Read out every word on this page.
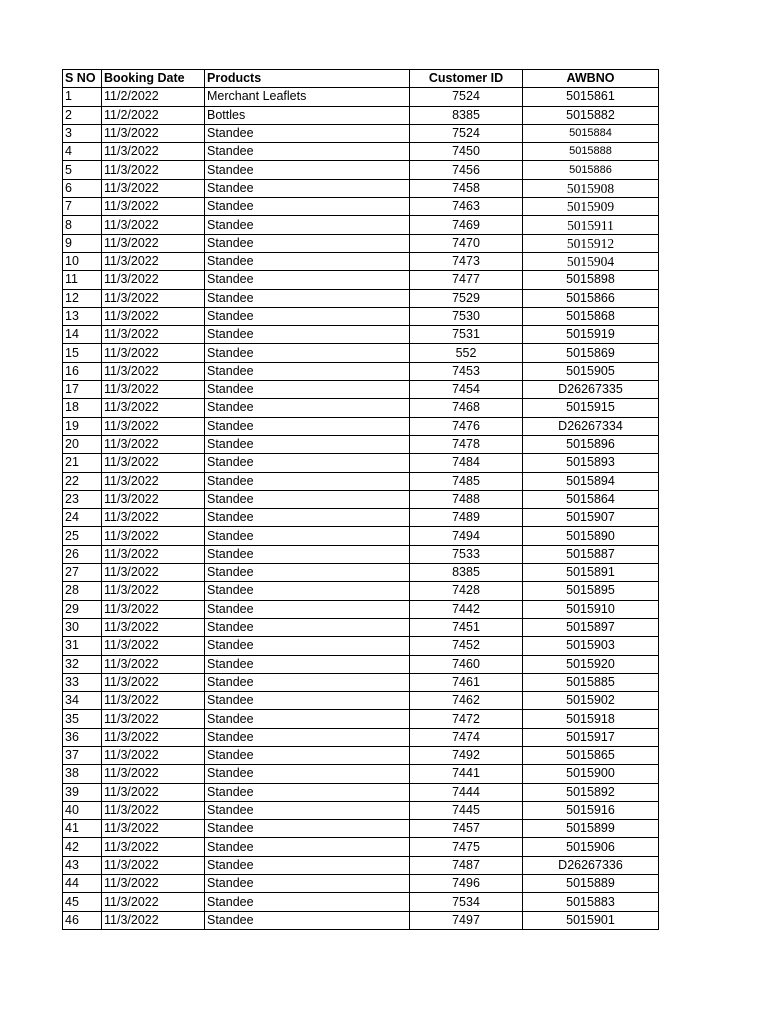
S NO	Booking Date	Products	Customer ID	AWBNO
1	11/2/2022	Merchant Leaflets	7524	5015861
2	11/2/2022	Bottles	8385	5015882
3	11/3/2022	Standee	7524	5015884
4	11/3/2022	Standee	7450	5015888
5	11/3/2022	Standee	7456	5015886
6	11/3/2022	Standee	7458	5015908
7	11/3/2022	Standee	7463	5015909
8	11/3/2022	Standee	7469	5015911
9	11/3/2022	Standee	7470	5015912
10	11/3/2022	Standee	7473	5015904
11	11/3/2022	Standee	7477	5015898
12	11/3/2022	Standee	7529	5015866
13	11/3/2022	Standee	7530	5015868
14	11/3/2022	Standee	7531	5015919
15	11/3/2022	Standee	552	5015869
16	11/3/2022	Standee	7453	5015905
17	11/3/2022	Standee	7454	D26267335
18	11/3/2022	Standee	7468	5015915
19	11/3/2022	Standee	7476	D26267334
20	11/3/2022	Standee	7478	5015896
21	11/3/2022	Standee	7484	5015893
22	11/3/2022	Standee	7485	5015894
23	11/3/2022	Standee	7488	5015864
24	11/3/2022	Standee	7489	5015907
25	11/3/2022	Standee	7494	5015890
26	11/3/2022	Standee	7533	5015887
27	11/3/2022	Standee	8385	5015891
28	11/3/2022	Standee	7428	5015895
29	11/3/2022	Standee	7442	5015910
30	11/3/2022	Standee	7451	5015897
31	11/3/2022	Standee	7452	5015903
32	11/3/2022	Standee	7460	5015920
33	11/3/2022	Standee	7461	5015885
34	11/3/2022	Standee	7462	5015902
35	11/3/2022	Standee	7472	5015918
36	11/3/2022	Standee	7474	5015917
37	11/3/2022	Standee	7492	5015865
38	11/3/2022	Standee	7441	5015900
39	11/3/2022	Standee	7444	5015892
40	11/3/2022	Standee	7445	5015916
41	11/3/2022	Standee	7457	5015899
42	11/3/2022	Standee	7475	5015906
43	11/3/2022	Standee	7487	D26267336
44	11/3/2022	Standee	7496	5015889
45	11/3/2022	Standee	7534	5015883
46	11/3/2022	Standee	7497	5015901
